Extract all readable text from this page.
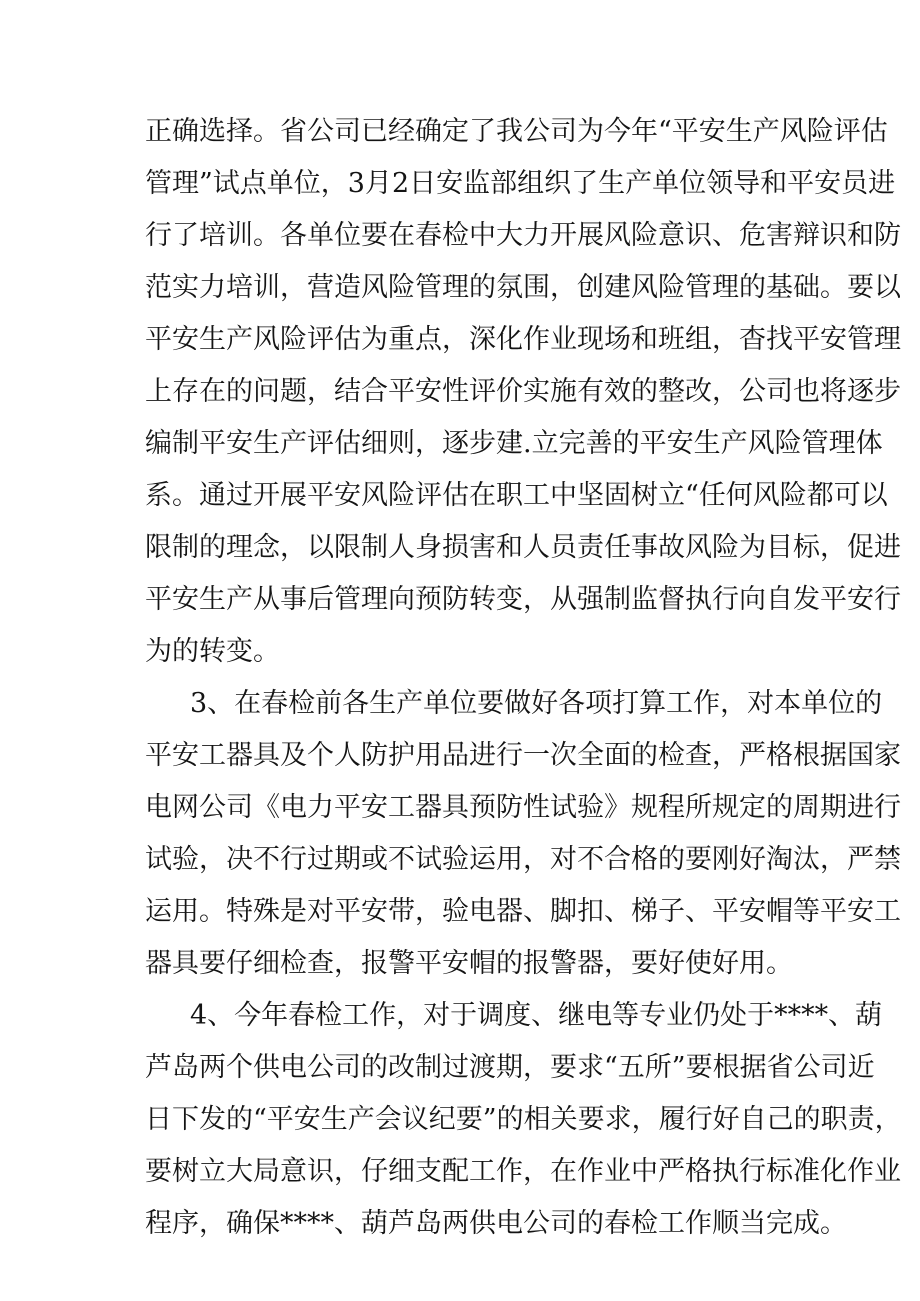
正确选择。省公司已经确定了我公司为今年“平安生产风险评估
管理”试点单位，3月2日安监部组织了生产单位领导和平安员进
行了培训。各单位要在春检中大力开展风险意识、危害辩识和防
范实力培训，营造风险管理的氛围，创建风险管理的基础。要以
平安生产风险评估为重点，深化作业现场和班组，杳找平安管理
上存在的问题，结合平安性评价实施有效的整改，公司也将逐步
编制平安生产评估细则，逐步建.立完善的平安生产风险管理体
系。通过开展平安风险评估在职工中坚固树立“任何风险都可以
限制的理念，以限制人身损害和人员责任事故风险为目标，促进
平安生产从事后管理向预防转变，从强制监督执行向自发平安行
为的转变。
3、在春检前各生产单位要做好各项打算工作，对本单位的
平安工器具及个人防护用品进行一次全面的检查，严格根据国家
电网公司《电力平安工器具预防性试验》规程所规定的周期进行
试验，决不行过期或不试验运用，对不合格的要刚好淘汰，严禁
运用。特殊是对平安带，验电器、脚扣、梯子、平安帽等平安工
器具要仔细检查，报警平安帽的报警器，要好使好用。
4、今年春检工作，对于调度、继电等专业仍处于****、葫
芦岛两个供电公司的改制过渡期，要求“五所”要根据省公司近
日下发的“平安生产会议纪要”的相关要求，履行好自己的职责，
要树立大局意识，仔细支配工作，在作业中严格执行标准化作业
程序，确保****、葫芦岛两供电公司的春检工作顺当完成。
